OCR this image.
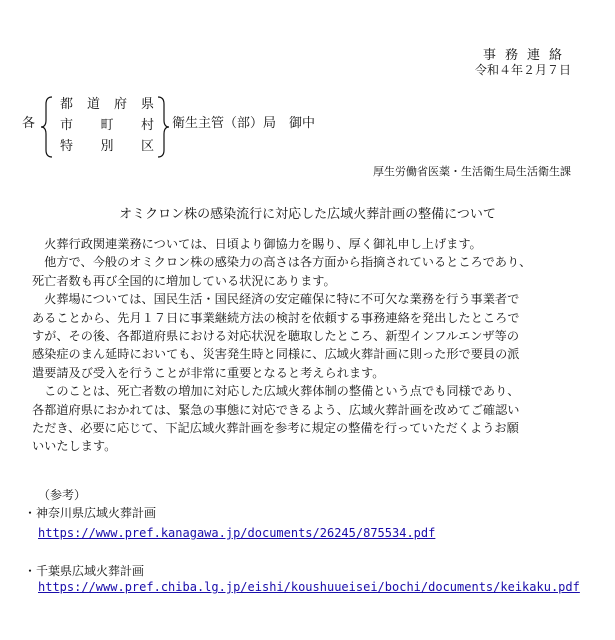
事務連絡
令和４年２月７日
各
都 道 府 県
市 町 村
特 別 区
衛生主管（部）局　御中
厚生労働省医薬・生活衛生局生活衛生課
オミクロン株の感染流行に対応した広域火葬計画の整備について

　火葬行政関連業務については、日頃より御協力を賜り、厚く御礼申し上げます。

　他方で、今般のオミクロン株の感染力の高さは各方面から指摘されているところであり、

死亡者数も再び全国的に増加している状況にあります。

　火葬場については、国民生活・国民経済の安定確保に特に不可欠な業務を行う事業者で

あることから、先月１７日に事業継続方法の検討を依頼する事務連絡を発出したところで

すが、その後、各都道府県における対応状況を聴取したところ、新型インフルエンザ等の

感染症のまん延時においても、災害発生時と同様に、広域火葬計画に則った形で要員の派

遣要請及び受入を行うことが非常に重要となると考えられます。

　このことは、死亡者数の増加に対応した広域火葬体制の整備という点でも同様であり、

各都道府県におかれては、緊急の事態に対応できるよう、広域火葬計画を改めてご確認い

ただき、必要に応じて、下記広域火葬計画を参考に規定の整備を行っていただくようお願

いいたします。

（参考）
・神奈川県広域火葬計画
https://www.pref.kanagawa.jp/documents/26245/875534.pdf
・千葉県広域火葬計画
https://www.pref.chiba.lg.jp/eishi/koushuueisei/bochi/documents/keikaku.pdf
